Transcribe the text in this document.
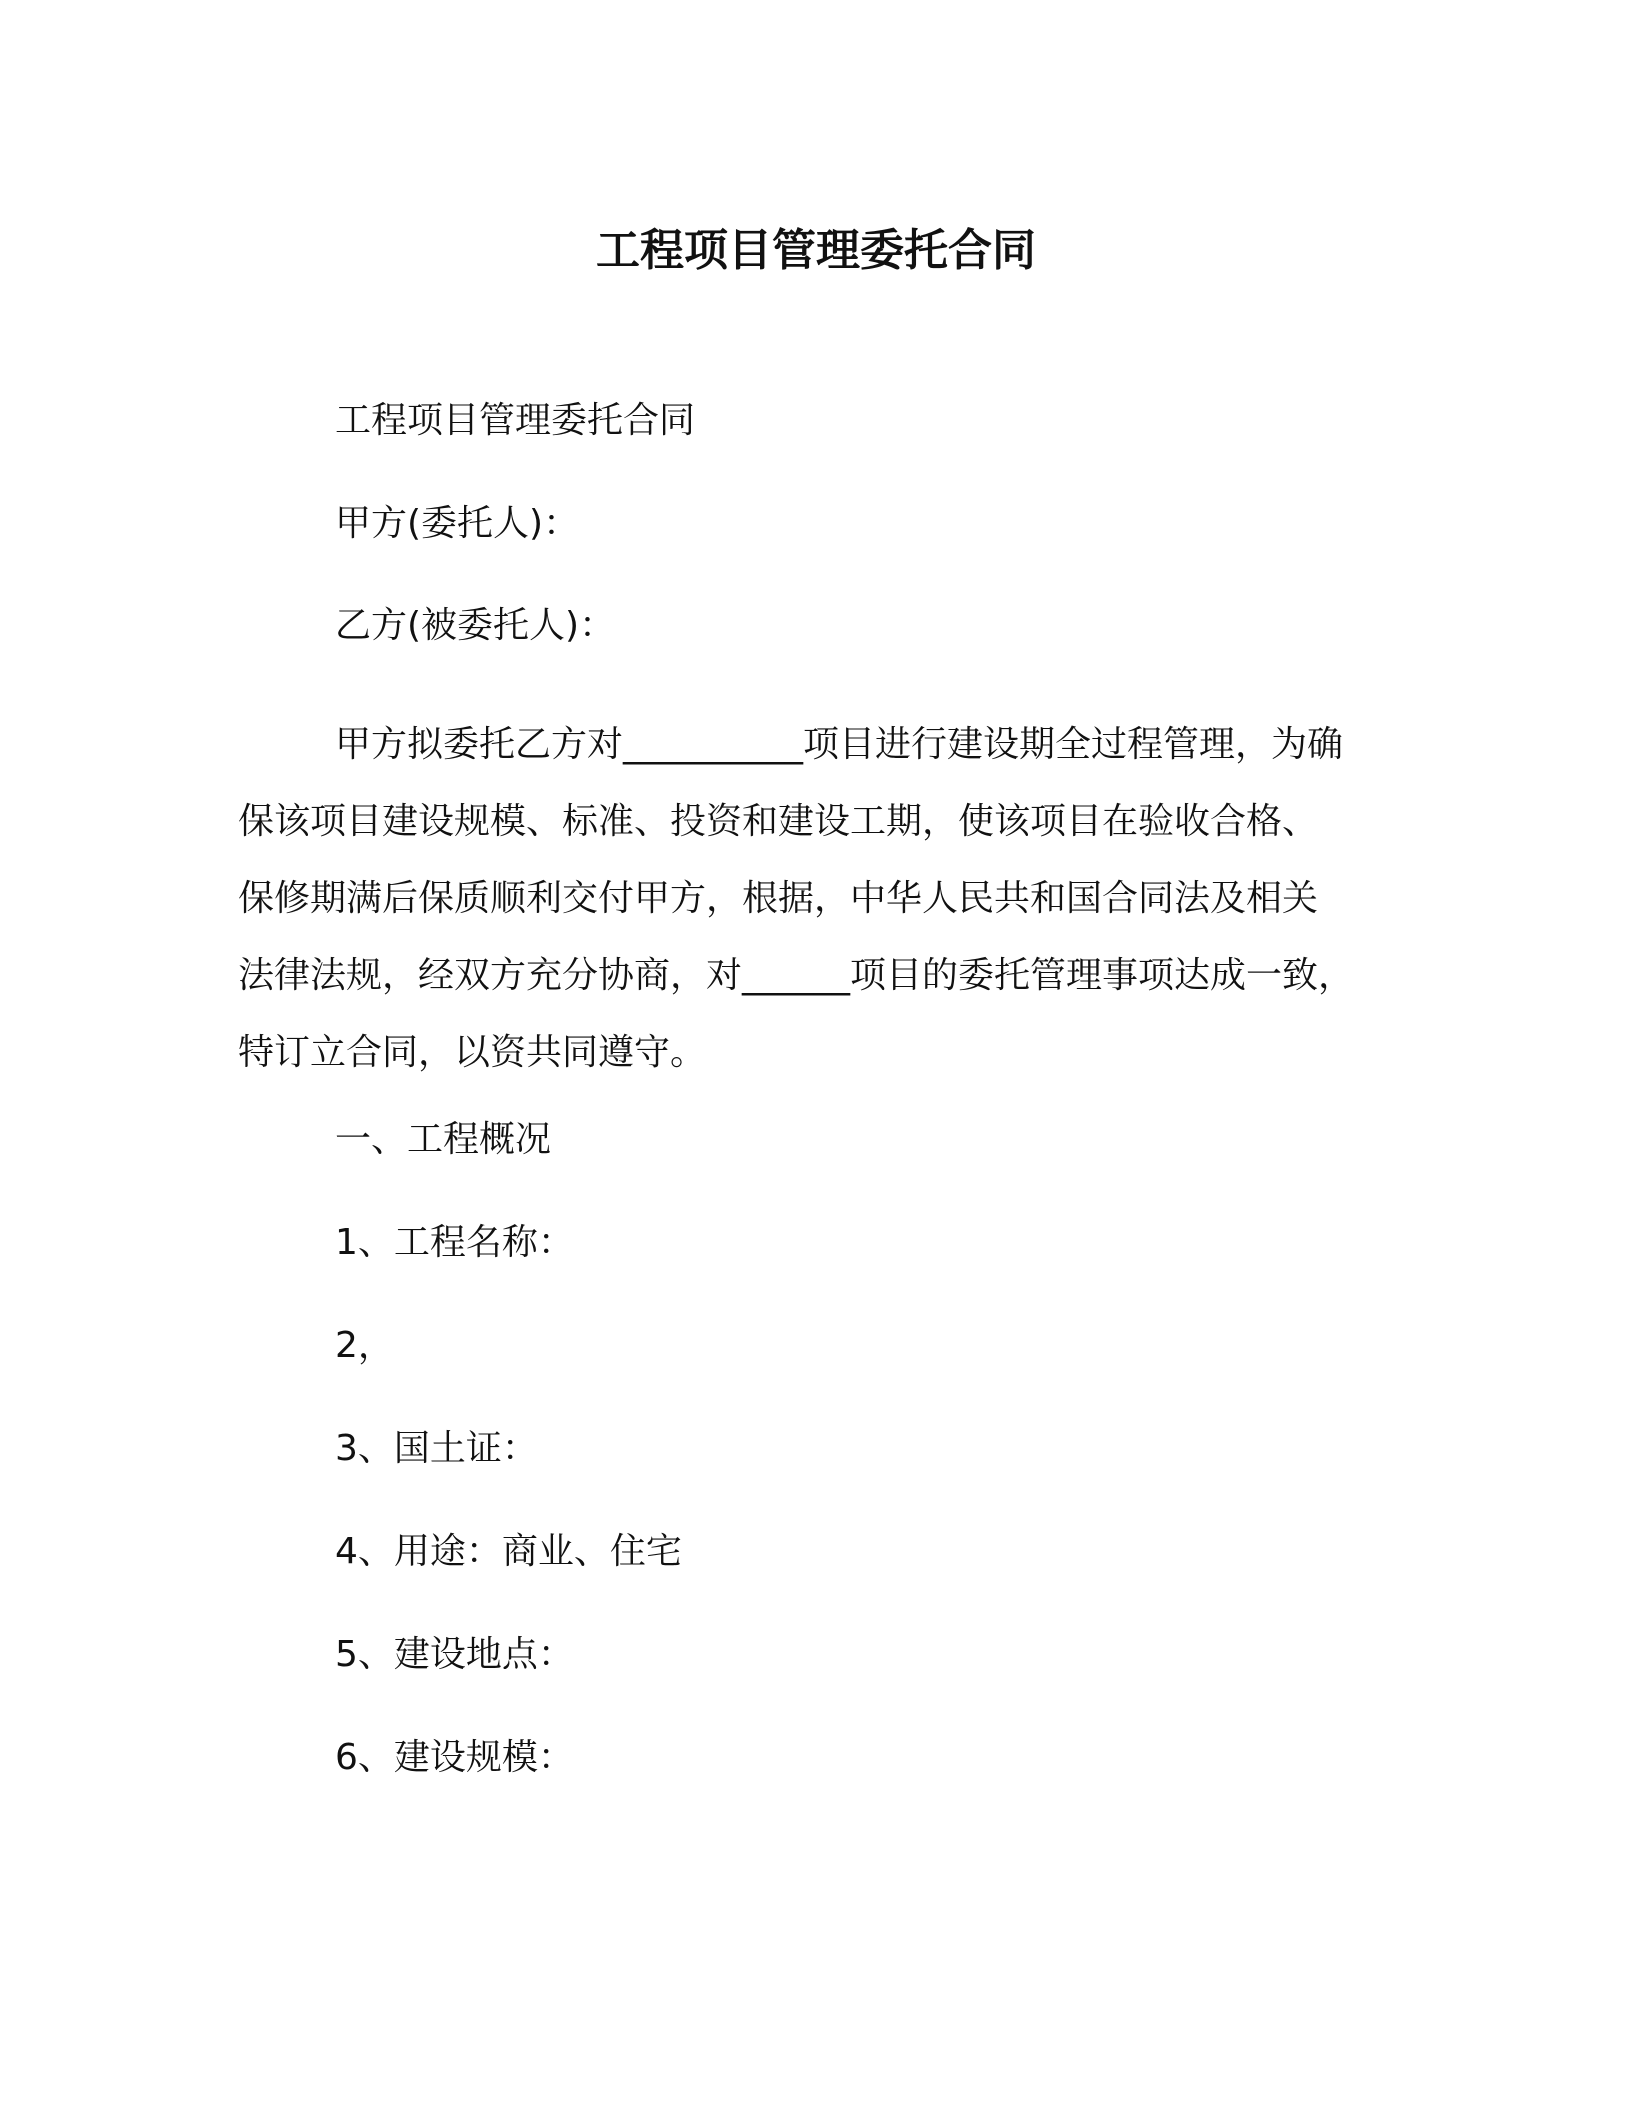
工程项目管理委托合同
工程项目管理委托合同
甲方(委托人)：
乙方(被委托人)：
甲方拟委托乙方对__________项目进行建设期全过程管理，为确
保该项目建设规模、标准、投资和建设工期，使该项目在验收合格、
保修期满后保质顺利交付甲方，根据，中华人民共和国合同法及相关
法律法规，经双方充分协商，对______项目的委托管理事项达成一致，
特订立合同，以资共同遵守。
一、工程概况
1、工程名称：
2，
3、国土证：
4、用途：商业、住宅
5、建设地点：
6、建设规模：
